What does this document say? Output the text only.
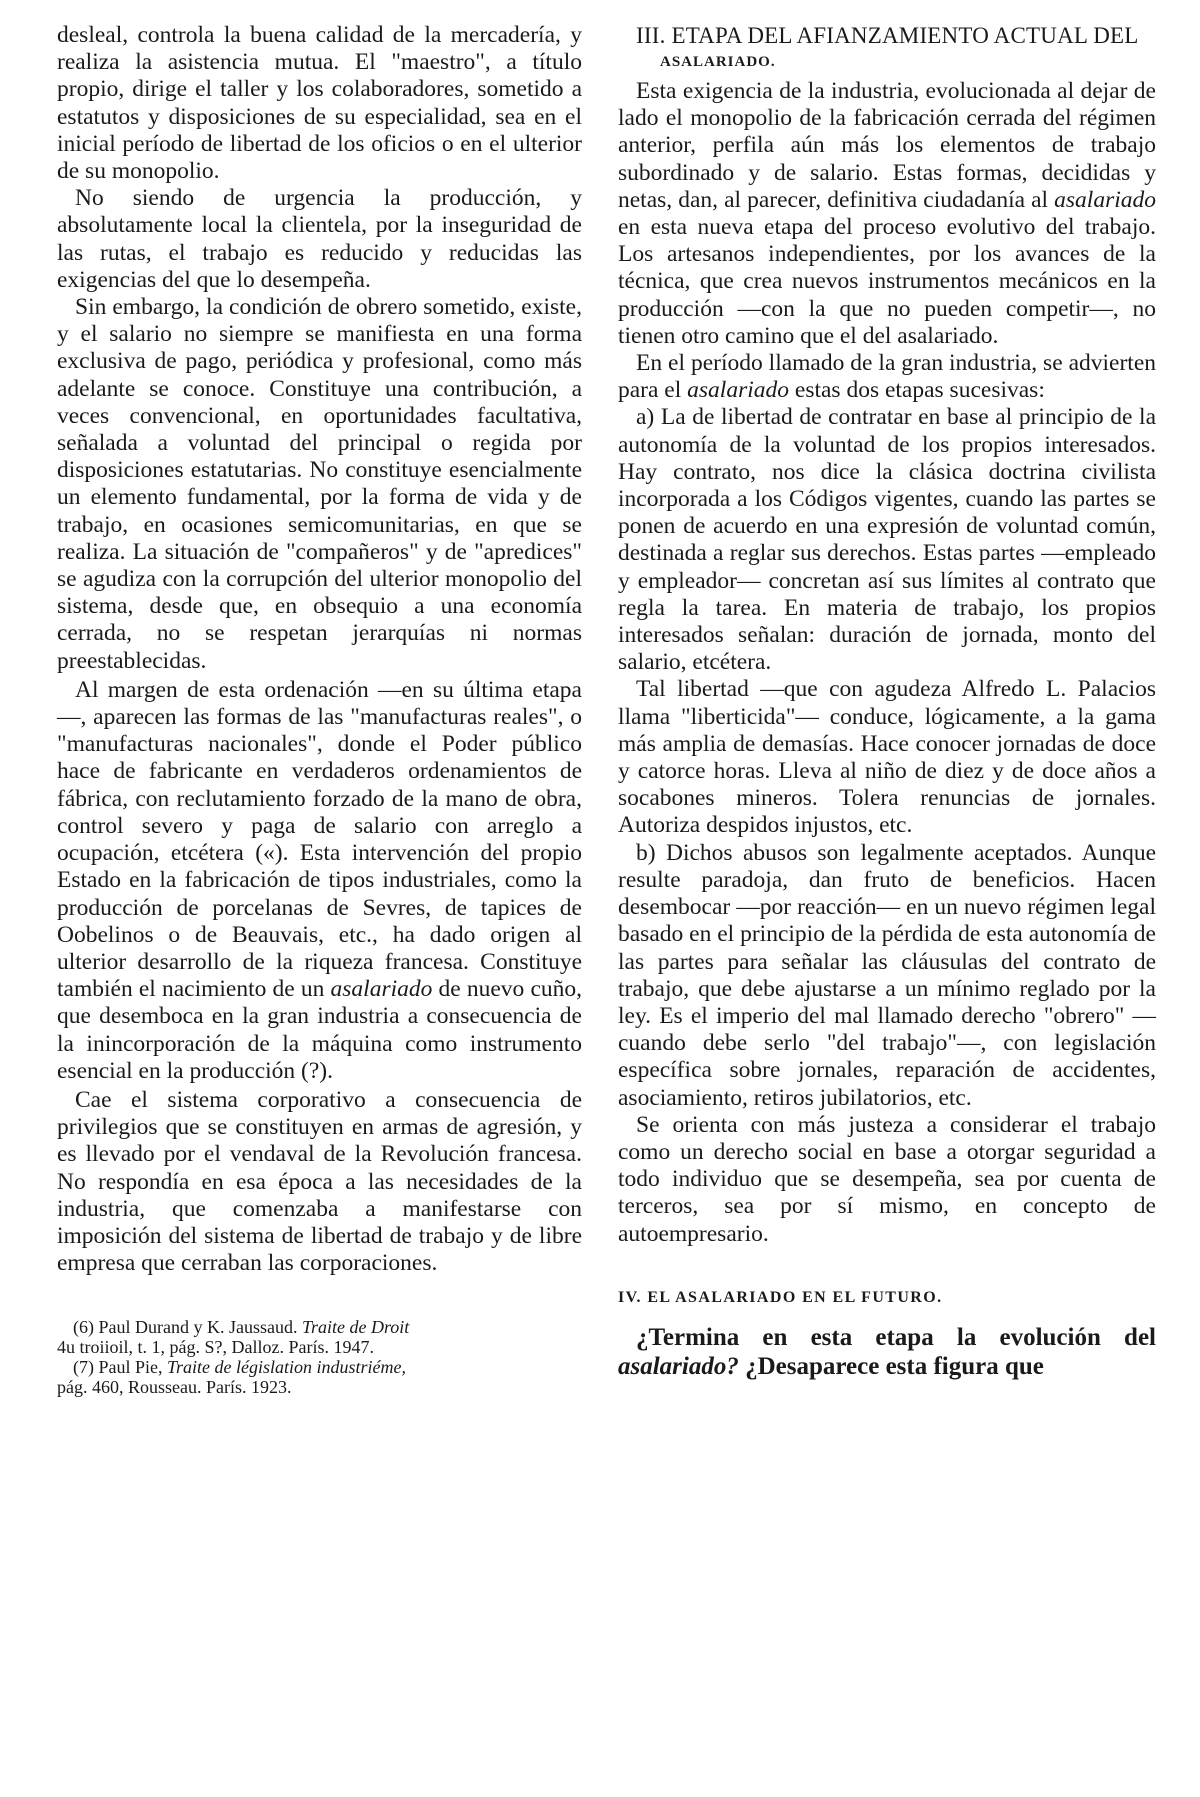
desleal, controla la buena calidad de la mercadería, y realiza la asistencia mutua. El "maestro", a título propio, dirige el taller y los colaboradores, sometido a estatutos y disposiciones de su especialidad, sea en el inicial período de libertad de los oficios o en el ulterior de su monopolio.

No siendo de urgencia la producción, y absolutamente local la clientela, por la inseguridad de las rutas, el trabajo es reducido y reducidas las exigencias del que lo desempeña.

Sin embargo, la condición de obrero sometido, existe, y el salario no siempre se manifiesta en una forma exclusiva de pago, periódica y profesional, como más adelante se conoce. Constituye una contribución, a veces convencional, en oportunidades facultativa, señalada a voluntad del principal o regida por disposiciones estatutarias. No constituye esencialmente un elemento fundamental, por la forma de vida y de trabajo, en ocasiones semicomunitarias, en que se realiza. La situación de "compañeros" y de "apredices" se agudiza con la corrupción del ulterior monopolio del sistema, desde que, en obsequio a una economía cerrada, no se respetan jerarquías ni normas preestablecidas.

Al margen de esta ordenación —en su última etapa—, aparecen las formas de las "manufacturas reales", o "manufacturas nacionales", donde el Poder público hace de fabricante en verdaderos ordenamientos de fábrica, con reclutamiento forzado de la mano de obra, control severo y paga de salario con arreglo a ocupación, etcétera («). Esta intervención del propio Estado en la fabricación de tipos industriales, como la producción de porcelanas de Sevres, de tapices de Oobelinos o de Beauvais, etc., ha dado origen al ulterior desarrollo de la riqueza francesa. Constituye también el nacimiento de un asalariado de nuevo cuño, que desemboca en la gran industria a consecuencia de la inincorporación de la máquina como instrumento esencial en la producción (?).

Cae el sistema corporativo a consecuencia de privilegios que se constituyen en armas de agresión, y es llevado por el vendaval de la Revolución francesa. No respondía en esa época a las necesidades de la industria, que comenzaba a manifestarse con imposición del sistema de libertad de trabajo y de libre empresa que cerraban las corporaciones.

(6) Paul Durand y K. Jaussaud. Traite de Droit
4u troiioil, t. 1, pág. S?, Dalloz. París. 1947.

(7) Paul Pie, Traite de législation industriéme,
pág. 460, Rousseau. París. 1923.

III. ETAPA DEL AFIANZAMIENTO ACTUAL DEL

ASALARIADO.

Esta exigencia de la industria, evolucionada al dejar de lado el monopolio de la fabricación cerrada del régimen anterior, perfila aún más los elementos de trabajo subordinado y de salario. Estas formas, decididas y netas, dan, al parecer, definitiva ciudadanía al asalariado en esta nueva etapa del proceso evolutivo del trabajo. Los artesanos independientes, por los avances de la técnica, que crea nuevos instrumentos mecánicos en la producción —con la que no pueden competir—, no tienen otro camino que el del asalariado.

En el período llamado de la gran industria, se advierten para el asalariado estas dos etapas sucesivas:

a) La de libertad de contratar en base al principio de la autonomía de la voluntad de los propios interesados. Hay contrato, nos dice la clásica doctrina civilista incorporada a los Códigos vigentes, cuando las partes se ponen de acuerdo en una expresión de voluntad común, destinada a reglar sus derechos. Estas partes —empleado y empleador— concretan así sus límites al contrato que regla la tarea. En materia de trabajo, los propios interesados señalan: duración de jornada, monto del salario, etcétera.

Tal libertad —que con agudeza Alfredo L. Palacios llama "liberticida"— conduce, lógicamente, a la gama más amplia de demasías. Hace conocer jornadas de doce y catorce horas. Lleva al niño de diez y de doce años a socabones mineros. Tolera renuncias de jornales. Autoriza despidos injustos, etc.

b) Dichos abusos son legalmente aceptados. Aunque resulte paradoja, dan fruto de beneficios. Hacen desembocar —por reacción— en un nuevo régimen legal basado en el principio de la pérdida de esta autonomía de las partes para señalar las cláusulas del contrato de trabajo, que debe ajustarse a un mínimo reglado por la ley. Es el imperio del mal llamado derecho "obrero" —cuando debe serlo "del trabajo"—, con legislación específica sobre jornales, reparación de accidentes, asociamiento, retiros jubilatorios, etc.

Se orienta con más justeza a considerar el trabajo como un derecho social en base a otorgar seguridad a todo individuo que se desempeña, sea por cuenta de terceros, sea por sí mismo, en concepto de autoempresario.

IV. EL ASALARIADO EN EL FUTURO.

¿Termina en esta etapa la evolución del asalariado? ¿Desaparece esta figura que
